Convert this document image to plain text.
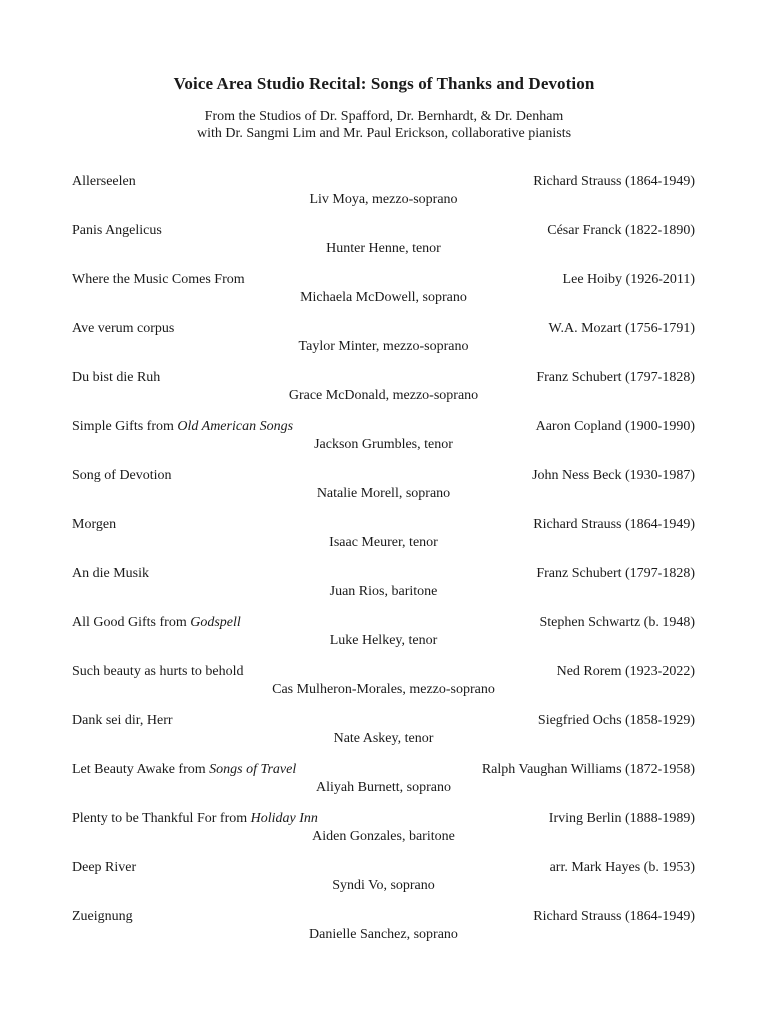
Voice Area Studio Recital: Songs of Thanks and Devotion
From the Studios of Dr. Spafford, Dr. Bernhardt, & Dr. Denham
with Dr. Sangmi Lim and Mr. Paul Erickson, collaborative pianists
Allerseelen	Richard Strauss (1864-1949)
Liv Moya, mezzo-soprano
Panis Angelicus	César Franck (1822-1890)
Hunter Henne, tenor
Where the Music Comes From	Lee Hoiby (1926-2011)
Michaela McDowell, soprano
Ave verum corpus	W.A. Mozart (1756-1791)
Taylor Minter, mezzo-soprano
Du bist die Ruh	Franz Schubert (1797-1828)
Grace McDonald, mezzo-soprano
Simple Gifts from Old American Songs	Aaron Copland (1900-1990)
Jackson Grumbles, tenor
Song of Devotion	John Ness Beck (1930-1987)
Natalie Morell, soprano
Morgen	Richard Strauss (1864-1949)
Isaac Meurer, tenor
An die Musik	Franz Schubert (1797-1828)
Juan Rios, baritone
All Good Gifts from Godspell	Stephen Schwartz (b. 1948)
Luke Helkey, tenor
Such beauty as hurts to behold	Ned Rorem (1923-2022)
Cas Mulheron-Morales, mezzo-soprano
Dank sei dir, Herr	Siegfried Ochs (1858-1929)
Nate Askey, tenor
Let Beauty Awake from Songs of Travel	Ralph Vaughan Williams (1872-1958)
Aliyah Burnett, soprano
Plenty to be Thankful For from Holiday Inn	Irving Berlin (1888-1989)
Aiden Gonzales, baritone
Deep River	arr. Mark Hayes (b. 1953)
Syndi Vo, soprano
Zueignung	Richard Strauss (1864-1949)
Danielle Sanchez, soprano
